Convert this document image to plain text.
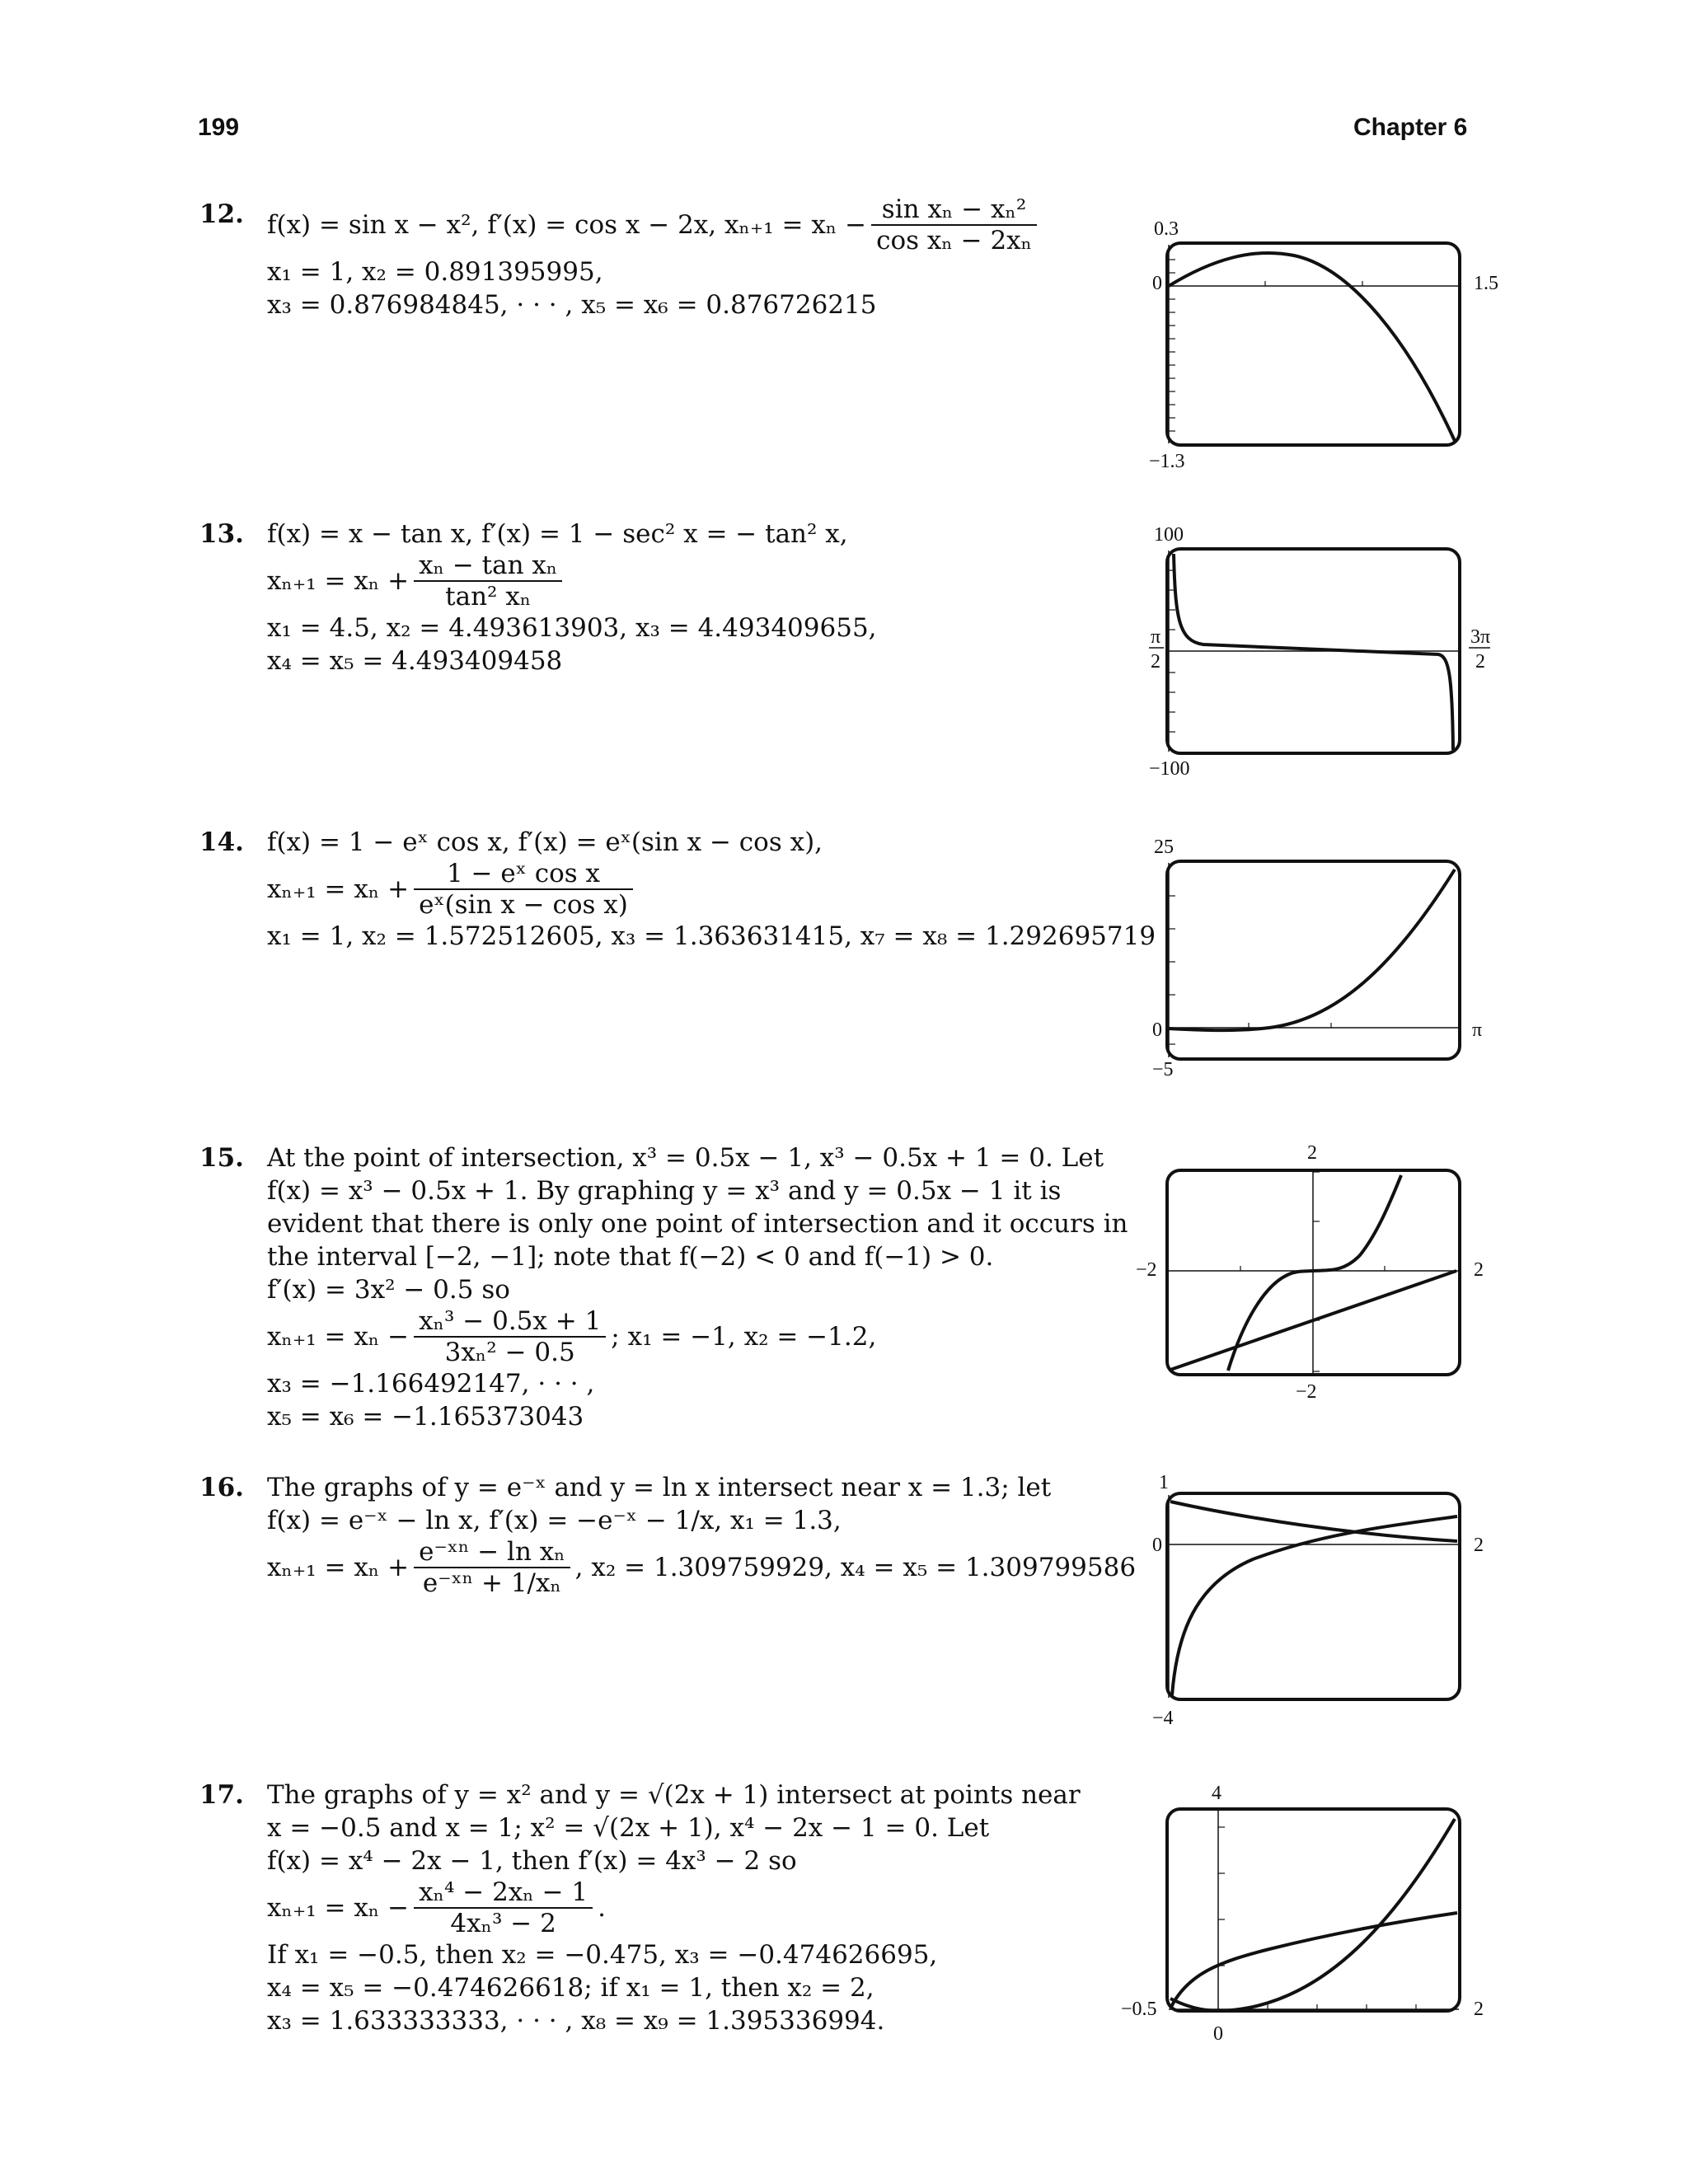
199	Chapter 6
12. f(x) = sin x − x², f′(x) = cos x − 2x, $x_{n+1} = x_n - \frac{\text{sin xₙ − xₙ²}}{\text{cos xₙ − 2xₙ}}$
x₁ = 1, x₂ = 0.891395995,
x₃ = 0.876984845, · · · , x₅ = x₆ = 0.876726215
0.3
0	1.5
−1.3
13. f(x) = x − tan x, f′(x) = 1 − sec² x = − tan² x,
$x_{n+1} = x_n + \frac{\text{xₙ − tan xₙ}}{\text{tan² xₙ}}$
x₁ = 4.5, x₂ = 4.493613903, x₃ = 4.493409655,
x₄ = x₅ = 4.493409458
100
−100
π
2
3π
2
14. f(x) = 1 − eˣ cos x, f′(x) = eˣ(sin x − cos x),
$x_{n+1} = x_n + \frac{\text{1 − eˣ cos x}}{\text{eˣ(sin x − cos x)}}$
x₁ = 1, x₂ = 1.572512605, x₃ = 1.363631415, x₇ = x₈ = 1.292695719
25
0	π
−5
15. At the point of intersection, x³ = 0.5x − 1, x³ − 0.5x + 1 = 0. Let
f(x) = x³ − 0.5x + 1. By graphing y = x³ and y = 0.5x − 1 it is
evident that there is only one point of intersection and it occurs in
the interval [−2, −1]; note that f(−2) < 0 and f(−1) > 0.
f′(x) = 3x² − 0.5 so
$x_{n+1} = x_n - \frac{\text{xₙ³ − 0.5x + 1}}{\text{3xₙ² − 0.5}}$ ; x₁ = −1, x₂ = −1.2,
x₃ = −1.166492147, · · · ,
x₅ = x₆ = −1.165373043
2
−2	2
−2
16. The graphs of y = e⁻ˣ and y = ln x intersect near x = 1.3; let
f(x) = e⁻ˣ − ln x, f′(x) = −e⁻ˣ − 1/x, x₁ = 1.3,
$x_{n+1} = x_n + \frac{\text{e⁻ˣⁿ − ln xₙ}}{\text{e⁻ˣⁿ + 1/xₙ}}$ , x₂ = 1.309759929, x₄ = x₅ = 1.309799586
1
0	2
−4
17. The graphs of y = x² and y = √(2x + 1) intersect at points near
x = −0.5 and x = 1; x² = √(2x + 1), x⁴ − 2x − 1 = 0. Let
f(x) = x⁴ − 2x − 1, then f′(x) = 4x³ − 2 so
$x_{n+1} = x_n - \frac{\text{xₙ⁴ − 2xₙ − 1}}{\text{4xₙ³ − 2}}$ .
If x₁ = −0.5, then x₂ = −0.475, x₃ = −0.474626695,
x₄ = x₅ = −0.474626618; if x₁ = 1, then x₂ = 2,
x₃ = 1.633333333, · · · , x₈ = x₉ = 1.395336994.
4
−0.5	2
0
